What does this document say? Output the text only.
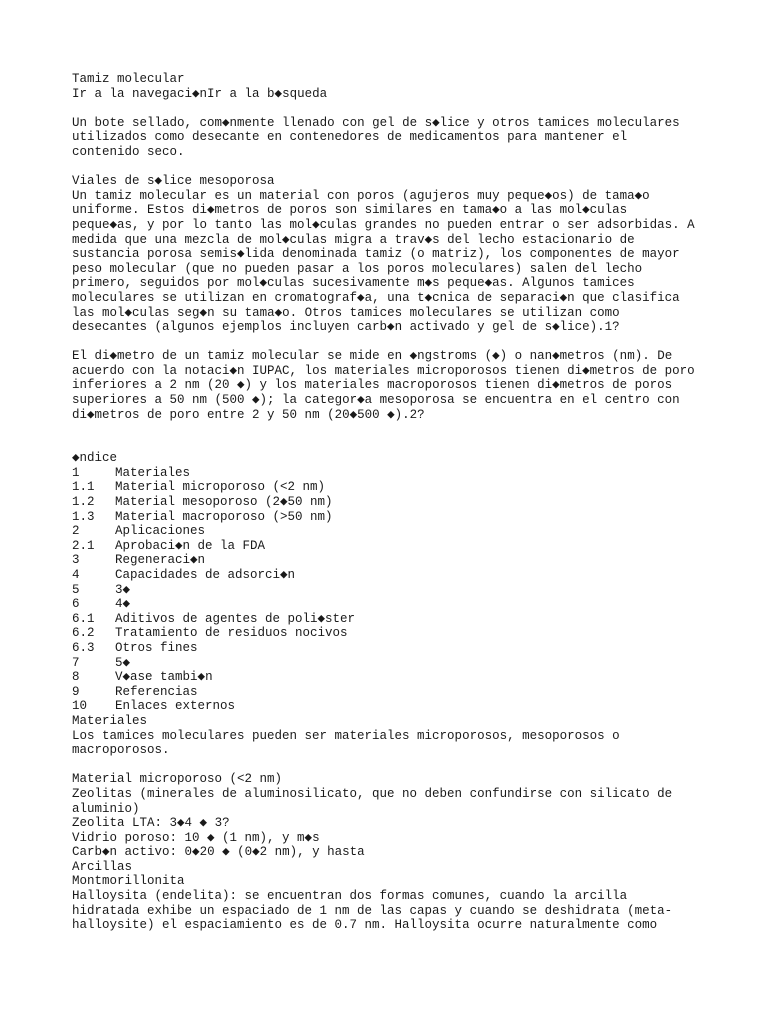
Tamiz molecular
Ir a la navegaci◆nIr a la b◆squeda
Un bote sellado, com◆nmente llenado con gel de s◆lice y otros tamices moleculares
utilizados como desecante en contenedores de medicamentos para mantener el
contenido seco.
Viales de s◆lice mesoporosa
Un tamiz molecular es un material con poros (agujeros muy peque◆os) de tama◆o
uniforme. Estos di◆metros de poros son similares en tama◆o a las mol◆culas
peque◆as, y por lo tanto las mol◆culas grandes no pueden entrar o ser adsorbidas. A
medida que una mezcla de mol◆culas migra a trav◆s del lecho estacionario de
sustancia porosa semis◆lida denominada tamiz (o matriz), los componentes de mayor
peso molecular (que no pueden pasar a los poros moleculares) salen del lecho
primero, seguidos por mol◆culas sucesivamente m◆s peque◆as. Algunos tamices
moleculares se utilizan en cromatograf◆a, una t◆cnica de separaci◆n que clasifica
las mol◆culas seg◆n su tama◆o. Otros tamices moleculares se utilizan como
desecantes (algunos ejemplos incluyen carb◆n activado y gel de s◆lice).1?
El di◆metro de un tamiz molecular se mide en ◆ngstroms (◆) o nan◆metros (nm). De
acuerdo con la notaci◆n IUPAC, los materiales microporosos tienen di◆metros de poro
inferiores a 2 nm (20 ◆) y los materiales macroporosos tienen di◆metros de poros
superiores a 50 nm (500 ◆); la categor◆a mesoporosa se encuentra en el centro con
di◆metros de poro entre 2 y 50 nm (20◆500 ◆).2?
◆ndice
1	Materiales
1.1	Material microporoso (<2 nm)
1.2	Material mesoporoso (2◆50 nm)
1.3	Material macroporoso (>50 nm)
2	Aplicaciones
2.1	Aprobaci◆n de la FDA
3	Regeneraci◆n
4	Capacidades de adsorci◆n
5	3◆
6	4◆
6.1	Aditivos de agentes de poli◆ster
6.2	Tratamiento de residuos nocivos
6.3	Otros fines
7	5◆
8	V◆ase tambi◆n
9	Referencias
10	Enlaces externos
Materiales
Los tamices moleculares pueden ser materiales microporosos, mesoporosos o
macroporosos.
Material microporoso (<2 nm)
Zeolitas (minerales de aluminosilicato, que no deben confundirse con silicato de
aluminio)
Zeolita LTA: 3◆4 ◆ 3?
Vidrio poroso: 10 ◆ (1 nm), y m◆s
Carb◆n activo: 0◆20 ◆ (0◆2 nm), y hasta
Arcillas
Montmorillonita
Halloysita (endelita): se encuentran dos formas comunes, cuando la arcilla
hidratada exhibe un espaciado de 1 nm de las capas y cuando se deshidrata (meta-
halloysite) el espaciamiento es de 0.7 nm. Halloysita ocurre naturalmente como
